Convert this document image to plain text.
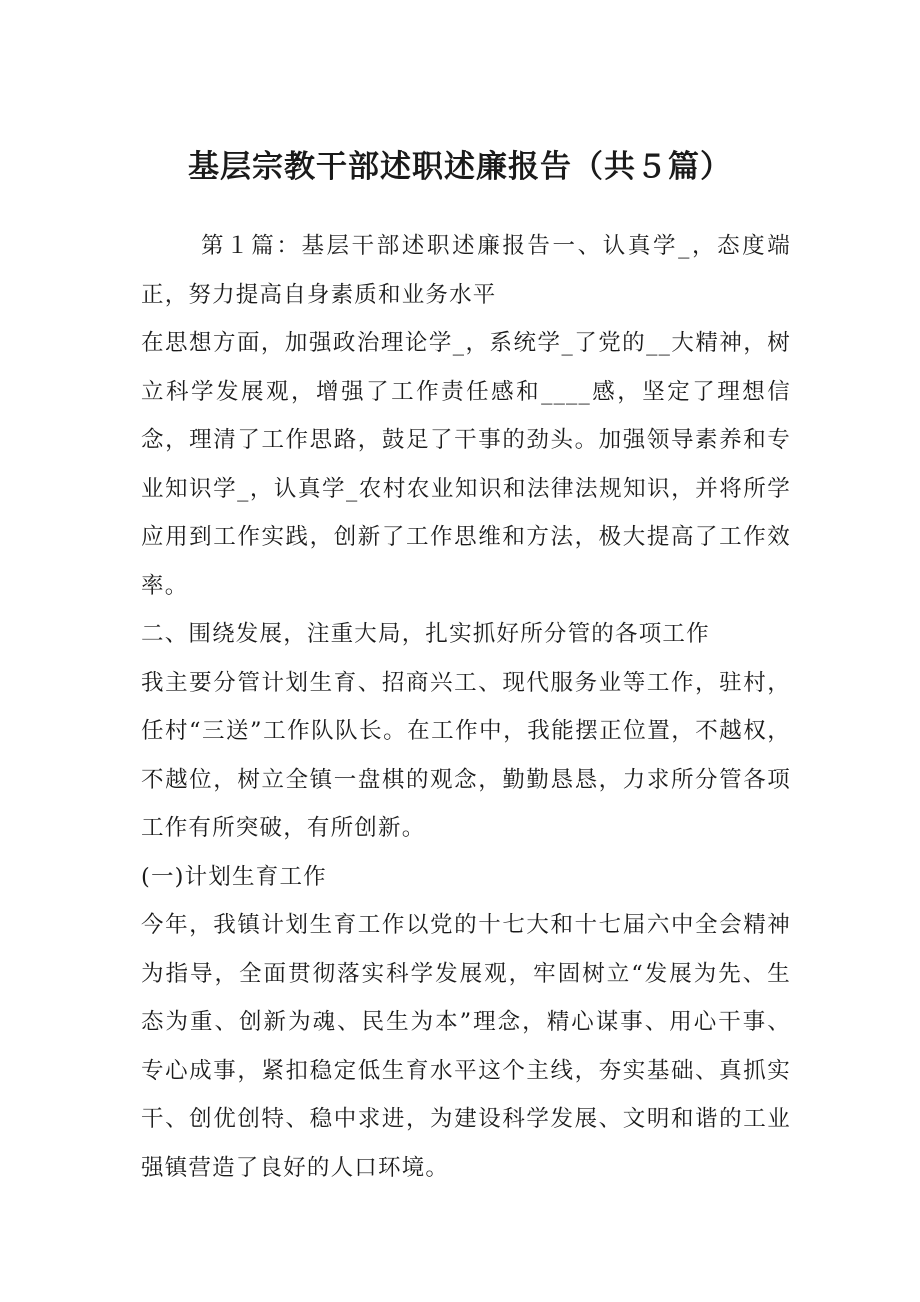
基层宗教干部述职述廉报告（共５篇）

第１篇：基层干部述职述廉报告一、认真学_，态度端正，努力提高自身素质和业务水平

在思想方面，加强政治理论学_，系统学_了党的__大精神，树立科学发展观，增强了工作责任感和____感，坚定了理想信念，理清了工作思路，鼓足了干事的劲头。加强领导素养和专业知识学_，认真学_农村农业知识和法律法规知识，并将所学应用到工作实践，创新了工作思维和方法，极大提高了工作效率。

二、围绕发展，注重大局，扎实抓好所分管的各项工作

我主要分管计划生育、招商兴工、现代服务业等工作，驻村，任村“三送”工作队队长。在工作中，我能摆正位置，不越权，不越位，树立全镇一盘棋的观念，勤勤恳恳，力求所分管各项工作有所突破，有所创新。

(一)计划生育工作

今年，我镇计划生育工作以党的十七大和十七届六中全会精神为指导，全面贯彻落实科学发展观，牢固树立“发展为先、生态为重、创新为魂、民生为本”理念，精心谋事、用心干事、专心成事，紧扣稳定低生育水平这个主线，夯实基础、真抓实干、创优创特、稳中求进，为建设科学发展、文明和谐的工业强镇营造了良好的人口环境。
